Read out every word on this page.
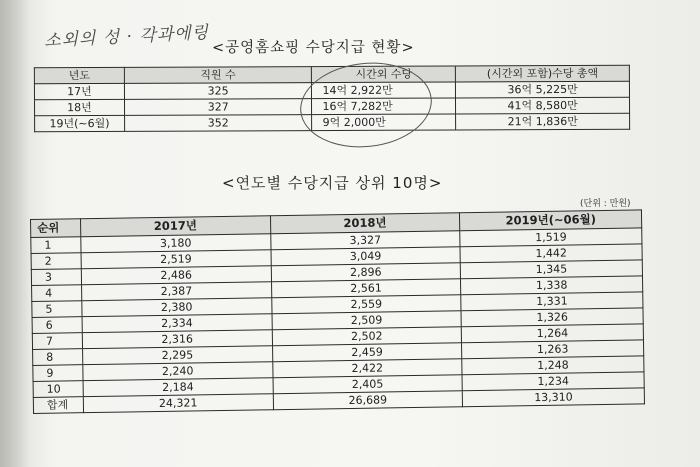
소외의 성 · 각과에링 <공영홈쇼핑 수당지급 현황>
년도	직원 수	시간외 수당	(시간외 포함)수당 총액
17년	325	14억 2,922만	36억 5,225만
18년	327	16억 7,282만	41억 8,580만
19년(~6월)	352	9억 2,000만	21억 1,836만
<연도별 수당지급 상위 10명>
(단위 : 만원)
순위	2017년	2018년	2019년(~06월)
1	3,180	3,327	1,519
2	2,519	3,049	1,442
3	2,486	2,896	1,345
4	2,387	2,561	1,338
5	2,380	2,559	1,331
6	2,334	2,509	1,326
7	2,316	2,502	1,264
8	2,295	2,459	1,263
9	2,240	2,422	1,248
10	2,184	2,405	1,234
합계	24,321	26,689	13,310
